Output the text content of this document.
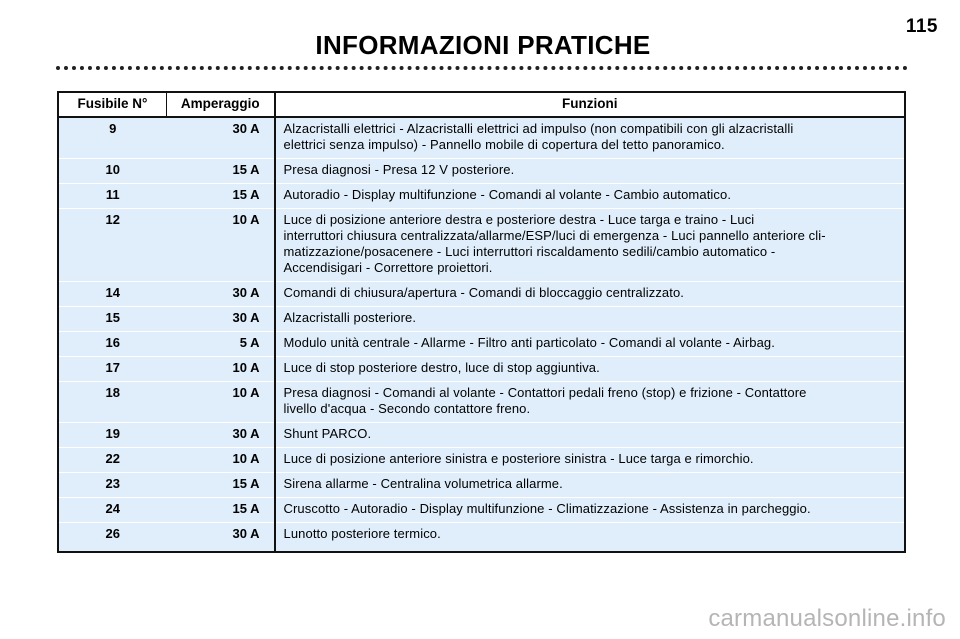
115
INFORMAZIONI PRATICHE
Fusibile N°	Amperaggio	Funzioni
9	30 A	Alzacristalli elettrici - Alzacristalli elettrici ad impulso (non compatibili con gli alzacristalli
elettrici senza impulso) - Pannello mobile di copertura del tetto panoramico.

10	15 A	Presa diagnosi - Presa 12 V posteriore.

11	15 A	Autoradio - Display multifunzione - Comandi al volante - Cambio automatico.

12	10 A	Luce di posizione anteriore destra e posteriore destra - Luce targa e traino - Luci
interruttori chiusura centralizzata/allarme/ESP/luci di emergenza - Luci pannello anteriore cli-
matizzazione/posacenere - Luci interruttori riscaldamento sedili/cambio automatico -
Accendisigari - Correttore proiettori.

14	30 A	Comandi di chiusura/apertura - Comandi di bloccaggio centralizzato.

15	30 A	Alzacristalli posteriore.

16	5 A	Modulo unità centrale - Allarme - Filtro anti particolato - Comandi al volante - Airbag.

17	10 A	Luce di stop posteriore destro, luce di stop aggiuntiva.

18	10 A	Presa diagnosi - Comandi al volante - Contattori pedali freno (stop) e frizione - Contattore
livello d'acqua - Secondo contattore freno.

19	30 A	Shunt PARCO.

22	10 A	Luce di posizione anteriore sinistra e posteriore sinistra - Luce targa e rimorchio.

23	15 A	Sirena allarme - Centralina volumetrica allarme.

24	15 A	Cruscotto - Autoradio - Display multifunzione - Climatizzazione - Assistenza in parcheggio.

26	30 A	Lunotto posteriore termico.
carmanualsonline.info
